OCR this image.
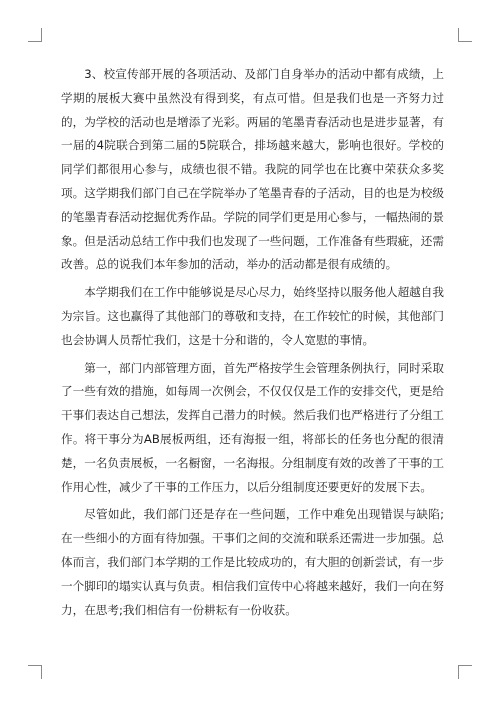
3、校宣传部开展的各项活动、及部门自身举办的活动中都有成绩，上学期的展板大赛中虽然没有得到奖，有点可惜。但是我们也是一齐努力过的，为学校的活动也是增添了光彩。两届的笔墨青春活动也是进步显著，有一届的4院联合到第二届的5院联合，排场越来越大，影响也很好。学校的同学们都很用心参与，成绩也很不错。我院的同学也在比赛中荣获众多奖项。这学期我们部门自己在学院举办了笔墨青春的子活动，目的也是为校级的笔墨青春活动挖掘优秀作品。学院的同学们更是用心参与，一幅热闹的景象。但是活动总结工作中我们也发现了一些问题，工作准备有些瑕疵，还需改善。总的说我们本年参加的活动，举办的活动都是很有成绩的。

本学期我们在工作中能够说是尽心尽力，始终坚持以服务他人超越自我为宗旨。这也赢得了其他部门的尊敬和支持，在工作较忙的时候，其他部门也会协调人员帮忙我们，这是十分和谐的，令人宽慰的事情。

第一，部门内部管理方面，首先严格按学生会管理条例执行，同时采取了一些有效的措施，如每周一次例会，不仅仅仅是工作的安排交代，更是给干事们表达自己想法，发挥自己潜力的时候。然后我们也严格进行了分组工作。将干事分为AB展板两组，还有海报一组，将部长的任务也分配的很清楚，一名负责展板，一名橱窗，一名海报。分组制度有效的改善了干事的工作用心性，减少了干事的工作压力，以后分组制度还要更好的发展下去。

尽管如此，我们部门还是存在一些问题，工作中难免出现错误与缺陷;在一些细小的方面有待加强。干事们之间的交流和联系还需进一步加强。总体而言，我们部门本学期的工作是比较成功的，有大胆的创新尝试，有一步一个脚印的塌实认真与负责。相信我们宣传中心将越来越好，我们一向在努力，在思考;我们相信有一份耕耘有一份收获。
